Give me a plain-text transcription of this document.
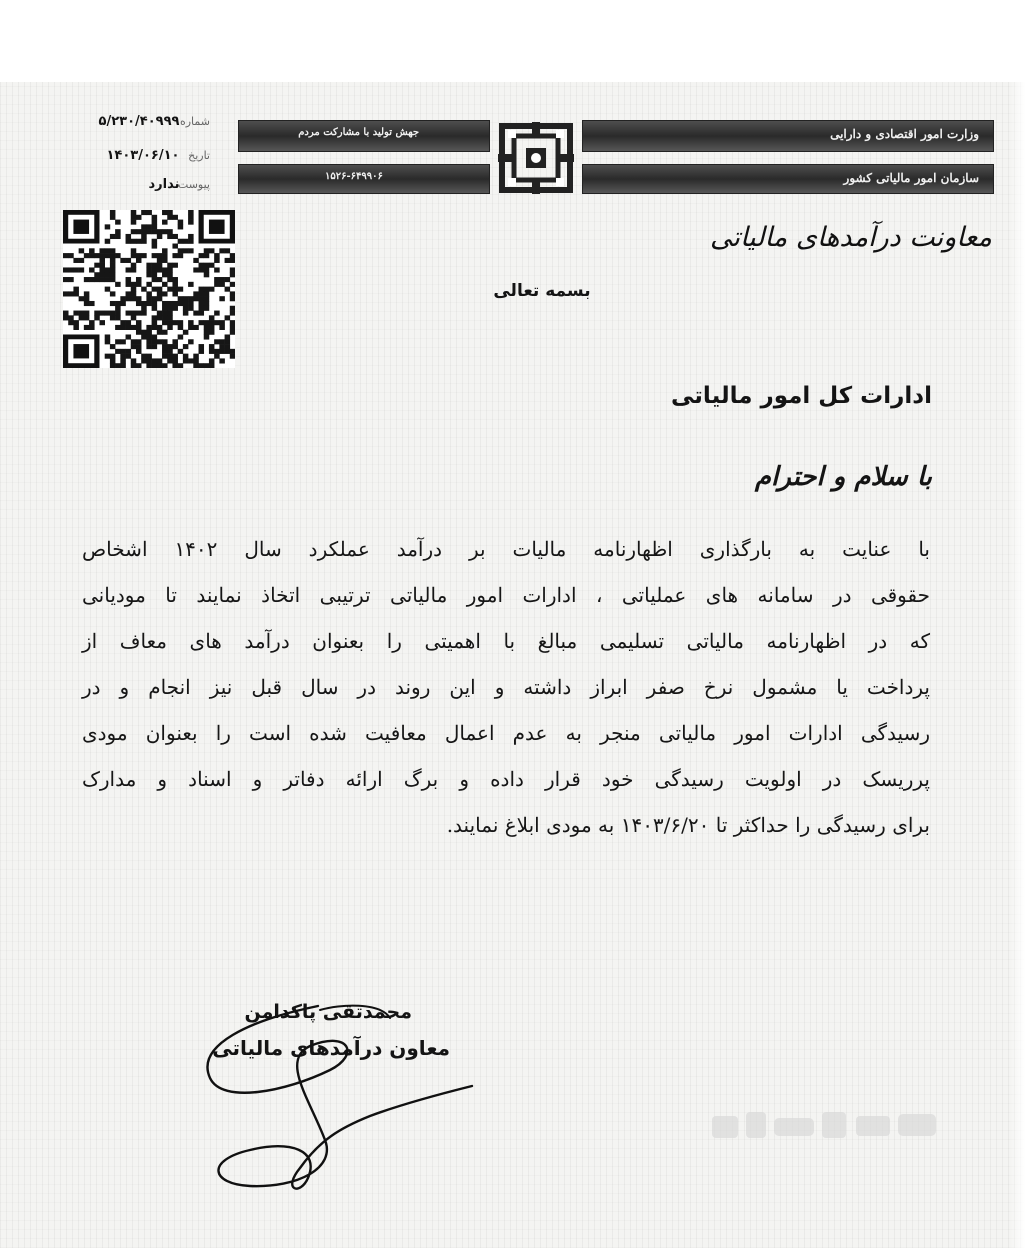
شماره ۵/۲۳۰/۴۰۹۹۹
تاریخ ۱۴۰۳/۰۶/۱۰
پیوست ندارد
جهش تولید با مشارکت مردم
۱۵۲۶-۶۴۹۹۰۶
وزارت امور اقتصادی و دارایی
سازمان امور مالیاتی کشور
معاونت درآمدهای مالیاتی
بسمه تعالی
ادارات کل امور مالیاتی
با سلام و احترام
با عنایت به بارگذاری اظهارنامه مالیات بر درآمد عملکرد سال ۱۴۰۲ اشخاص
حقوقی در سامانه های عملیاتی ، ادارات امور مالیاتی ترتیبی اتخاذ نمایند تا مودیانی
که در اظهارنامه مالیاتی تسلیمی مبالغ با اهمیتی را بعنوان درآمد های معاف از
پرداخت یا مشمول نرخ صفر ابراز داشته و این روند در سال قبل نیز انجام و در
رسیدگی ادارات امور مالیاتی منجر به عدم اعمال معافیت شده است را بعنوان مودی
پرریسک در اولویت رسیدگی خود قرار داده و برگ ارائه دفاتر و اسناد و مدارک
برای رسیدگی را حداکثر تا ۱۴۰۳/۶/۲۰ به مودی ابلاغ نمایند.
محمدتقی پاکدامن
معاون درآمدهای مالیاتی
